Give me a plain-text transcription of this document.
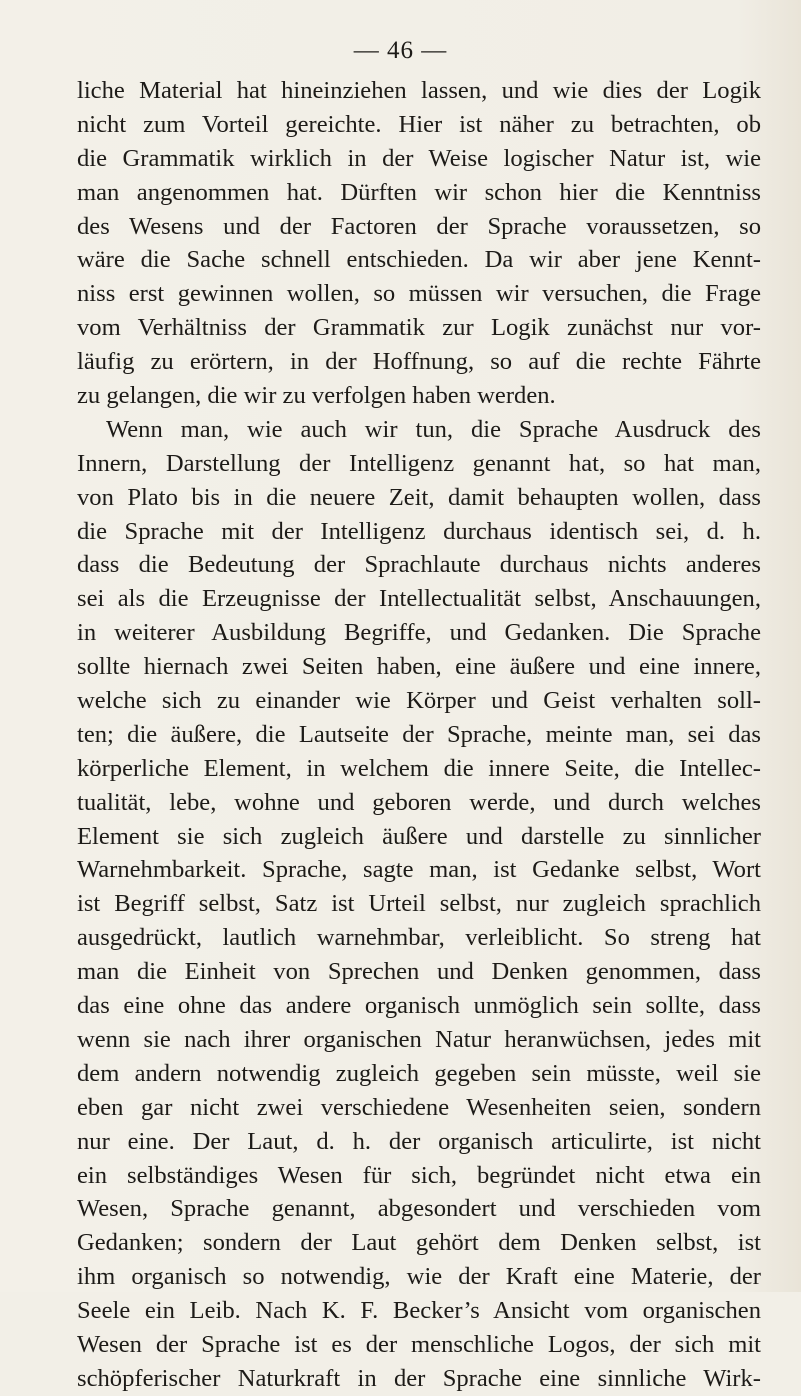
— 46 —
liche Material hat hineinziehen lassen, und wie dies der Logik
nicht zum Vorteil gereichte. Hier ist näher zu betrachten, ob
die Grammatik wirklich in der Weise logischer Natur ist, wie
man angenommen hat. Dürften wir schon hier die Kenntniss
des Wesens und der Factoren der Sprache voraussetzen, so
wäre die Sache schnell entschieden. Da wir aber jene Kennt-
niss erst gewinnen wollen, so müssen wir versuchen, die Frage
vom Verhältniss der Grammatik zur Logik zunächst nur vor-
läufig zu erörtern, in der Hoffnung, so auf die rechte Fährte
zu gelangen, die wir zu verfolgen haben werden.
Wenn man, wie auch wir tun, die Sprache Ausdruck des
Innern, Darstellung der Intelligenz genannt hat, so hat man,
von Plato bis in die neuere Zeit, damit behaupten wollen, dass
die Sprache mit der Intelligenz durchaus identisch sei, d. h.
dass die Bedeutung der Sprachlaute durchaus nichts anderes
sei als die Erzeugnisse der Intellectualität selbst, Anschauungen,
in weiterer Ausbildung Begriffe, und Gedanken. Die Sprache
sollte hiernach zwei Seiten haben, eine äußere und eine innere,
welche sich zu einander wie Körper und Geist verhalten soll-
ten; die äußere, die Lautseite der Sprache, meinte man, sei das
körperliche Element, in welchem die innere Seite, die Intellec-
tualität, lebe, wohne und geboren werde, und durch welches
Element sie sich zugleich äußere und darstelle zu sinnlicher
Warnehmbarkeit. Sprache, sagte man, ist Gedanke selbst, Wort
ist Begriff selbst, Satz ist Urteil selbst, nur zugleich sprachlich
ausgedrückt, lautlich warnehmbar, verleiblicht. So streng hat
man die Einheit von Sprechen und Denken genommen, dass
das eine ohne das andere organisch unmöglich sein sollte, dass
wenn sie nach ihrer organischen Natur heranwüchsen, jedes mit
dem andern notwendig zugleich gegeben sein müsste, weil sie
eben gar nicht zwei verschiedene Wesenheiten seien, sondern
nur eine. Der Laut, d. h. der organisch articulirte, ist nicht
ein selbständiges Wesen für sich, begründet nicht etwa ein
Wesen, Sprache genannt, abgesondert und verschieden vom
Gedanken; sondern der Laut gehört dem Denken selbst, ist
ihm organisch so notwendig, wie der Kraft eine Materie, der
Seele ein Leib. Nach K. F. Becker’s Ansicht vom organischen
Wesen der Sprache ist es der menschliche Logos, der sich mit
schöpferischer Naturkraft in der Sprache eine sinnliche Wirk-
